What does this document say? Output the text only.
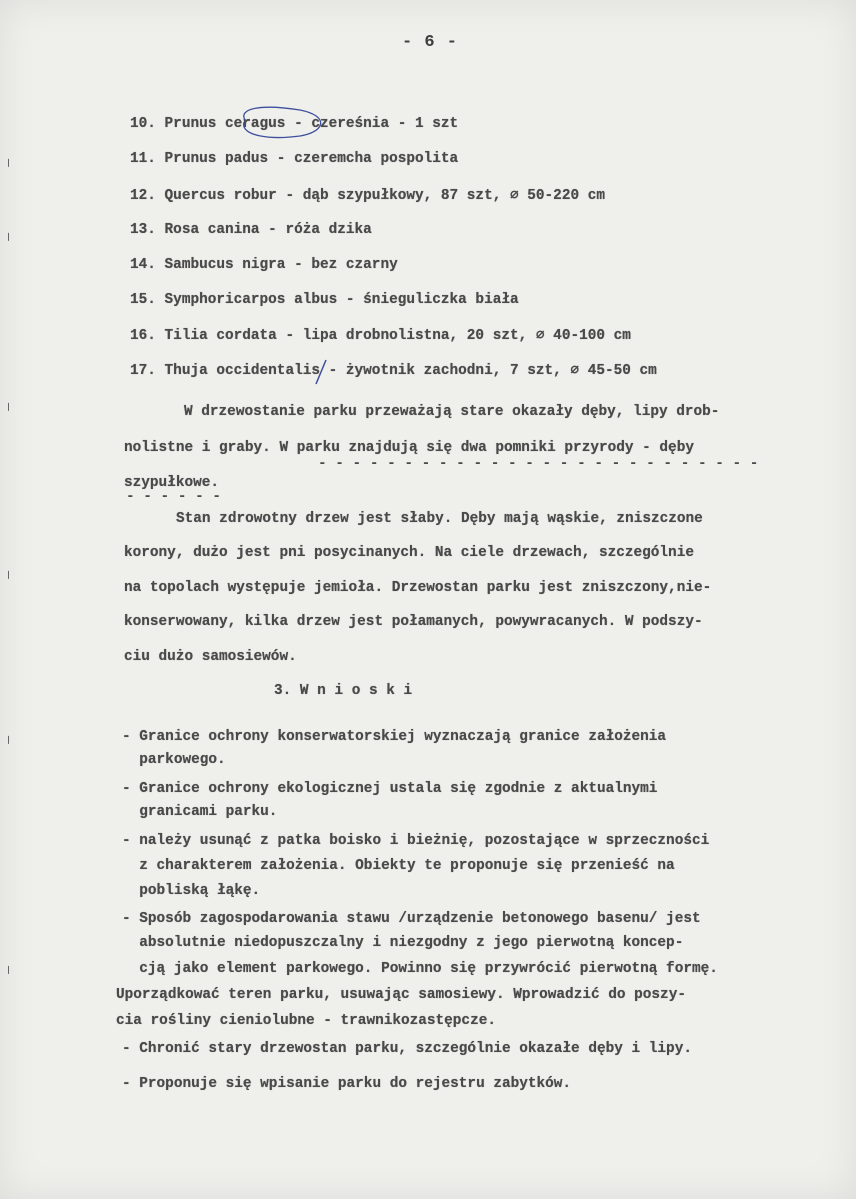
- 6 -
10. Prunus ceragus - czereśnia - 1 szt
11. Prunus padus - czeremcha pospolita
12. Quercus robur - dąb szypułkowy, 87 szt, ∅ 50-220 cm
13. Rosa canina - róża dzika
14. Sambucus nigra - bez czarny
15. Symphoricarpos albus - śnieguliczka biała
16. Tilia cordata - lipa drobnolistna, 20 szt, ∅ 40-100 cm
17. Thuja occidentalis - żywotnik zachodni, 7 szt, ∅ 45-50 cm
W drzewostanie parku przeważają stare okazały dęby, lipy drob-
nolistne i graby. W parku znajdują się dwa pomniki przyrody - dęby
- - - - - - - - - - - - - - - - - - - - - - - - - -
szypułkowe.
- - - - - -
Stan zdrowotny drzew jest słaby. Dęby mają wąskie, zniszczone
korony, dużo jest pni posycinanych. Na ciele drzewach, szczególnie
na topolach występuje jemioła. Drzewostan parku jest zniszczony,nie-
konserwowany, kilka drzew jest połamanych, powywracanych. W podszy-
ciu dużo samosiewów.
3. W n i o s k i
- Granice ochrony konserwatorskiej wyznaczają granice założenia
parkowego.
- Granice ochrony ekologicznej ustala się zgodnie z aktualnymi
granicami parku.
- należy usunąć z patka boisko i bieżnię, pozostające w sprzeczności
z charakterem założenia. Obiekty te proponuje się przenieść na
pobliską łąkę.
- Sposób zagospodarowania stawu /urządzenie betonowego basenu/ jest
absolutnie niedopuszczalny i niezgodny z jego pierwotną koncep-
cją jako element parkowego. Powinno się przywrócić pierwotną formę.
Uporządkować teren parku, usuwając samosiewy. Wprowadzić do poszy-
cia rośliny cieniolubne - trawnikozastępcze.
- Chronić stary drzewostan parku, szczególnie okazałe dęby i lipy.
- Proponuje się wpisanie parku do rejestru zabytków.
